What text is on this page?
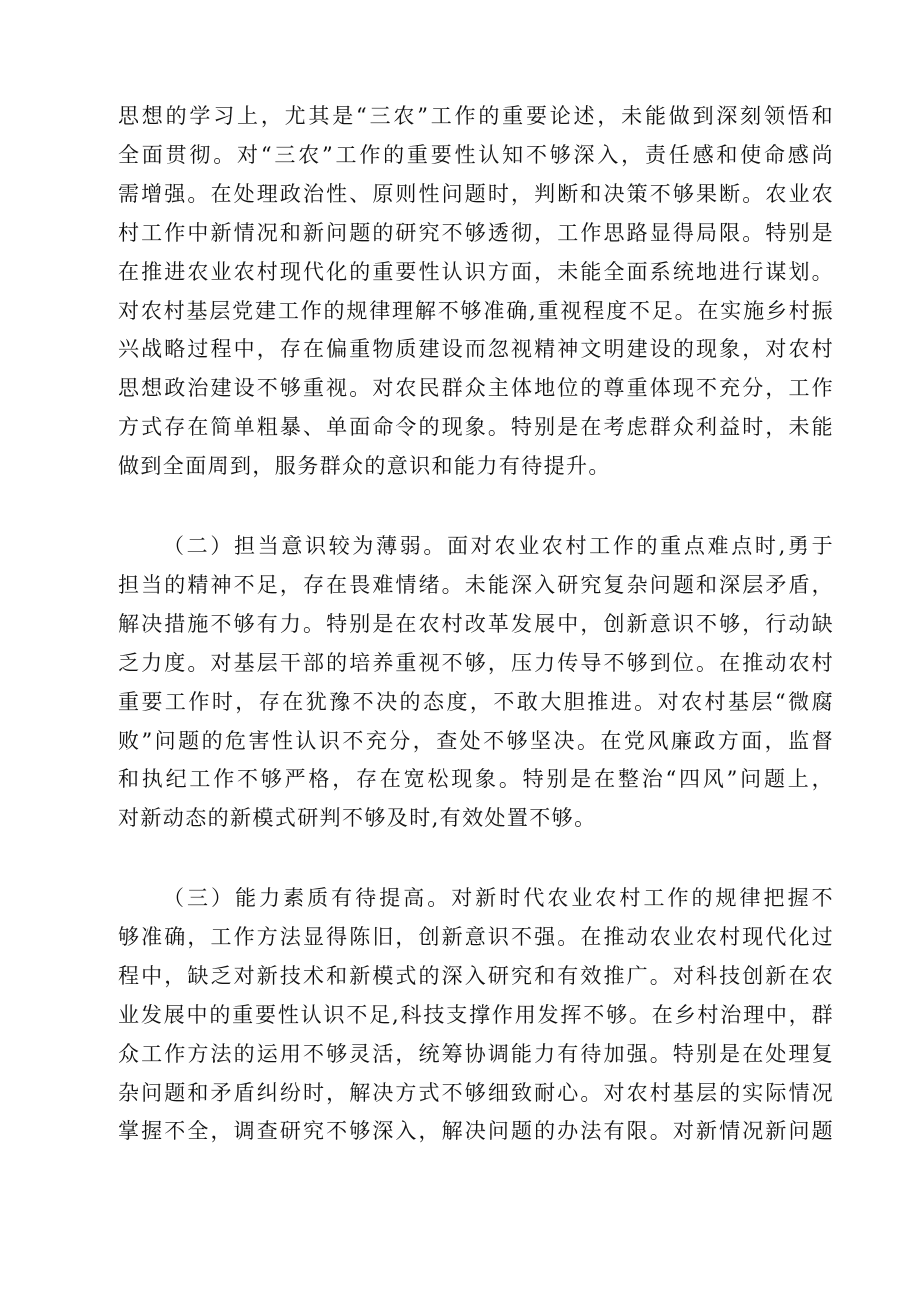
思想的学习上，尤其是“三农”工作的重要论述，未能做到深刻领悟和
全面贯彻。对“三农”工作的重要性认知不够深入，责任感和使命感尚
需增强。在处理政治性、原则性问题时，判断和决策不够果断。农业农
村工作中新情况和新问题的研究不够透彻，工作思路显得局限。特别是
在推进农业农村现代化的重要性认识方面，未能全面系统地进行谋划。
对农村基层党建工作的规律理解不够准确,重视程度不足。在实施乡村振
兴战略过程中，存在偏重物质建设而忽视精神文明建设的现象，对农村
思想政治建设不够重视。对农民群众主体地位的尊重体现不充分，工作
方式存在简单粗暴、单面命令的现象。特别是在考虑群众利益时，未能
做到全面周到，服务群众的意识和能力有待提升。

（二）担当意识较为薄弱。面对农业农村工作的重点难点时,勇于
担当的精神不足，存在畏难情绪。未能深入研究复杂问题和深层矛盾，
解决措施不够有力。特别是在农村改革发展中，创新意识不够，行动缺
乏力度。对基层干部的培养重视不够，压力传导不够到位。在推动农村
重要工作时，存在犹豫不决的态度，不敢大胆推进。对农村基层“微腐
败”问题的危害性认识不充分，查处不够坚决。在党风廉政方面，监督
和执纪工作不够严格，存在宽松现象。特别是在整治“四风”问题上，
对新动态的新模式研判不够及时,有效处置不够。

（三）能力素质有待提高。对新时代农业农村工作的规律把握不
够准确，工作方法显得陈旧，创新意识不强。在推动农业农村现代化过
程中，缺乏对新技术和新模式的深入研究和有效推广。对科技创新在农
业发展中的重要性认识不足,科技支撑作用发挥不够。在乡村治理中，群
众工作方法的运用不够灵活，统筹协调能力有待加强。特别是在处理复
杂问题和矛盾纠纷时，解决方式不够细致耐心。对农村基层的实际情况
掌握不全，调查研究不够深入，解决问题的办法有限。对新情况新问题
